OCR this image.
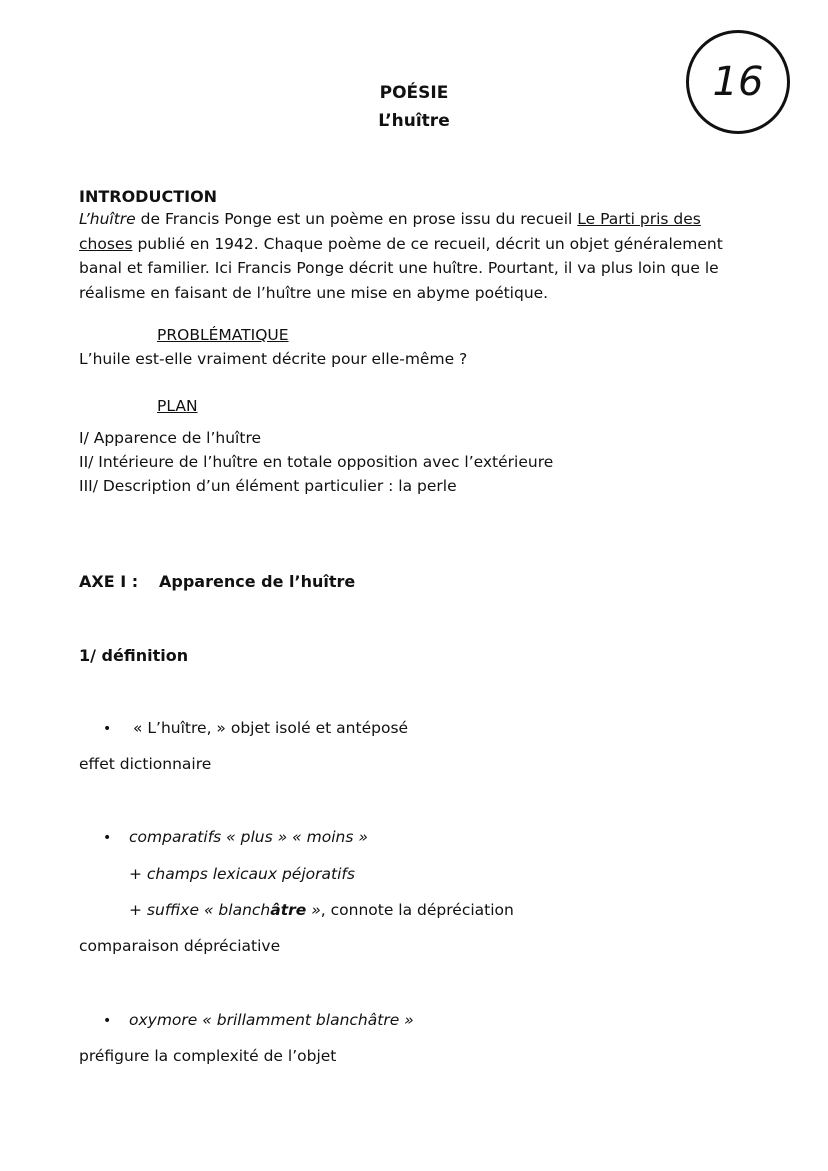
POÉSIE
L’huître
16
INTRODUCTION
L’huître de Francis Ponge est un poème en prose issu du recueil Le Parti pris des choses publié en 1942. Chaque poème de ce recueil, décrit un objet généralement banal et familier. Ici Francis Ponge décrit une huître. Pourtant, il va plus loin que le réalisme en faisant de l’huître une mise en abyme poétique.
PROBLÉMATIQUE
L’huile est-elle vraiment décrite pour elle-même ?
PLAN
I/ Apparence de l’huître
II/ Intérieure de l’huître en totale opposition avec l’extérieure
III/ Description d’un élément particulier : la perle
AXE I : Apparence de l’huître
1/ définition
• « L’huître, » objet isolé et antéposé
effet dictionnaire
• comparatifs « plus » « moins »
+ champs lexicaux péjoratifs
+ suffixe « blanchâtre », connote la dépréciation
comparaison dépréciative
• oxymore « brillamment blanchâtre »
préfigure la complexité de l’objet
